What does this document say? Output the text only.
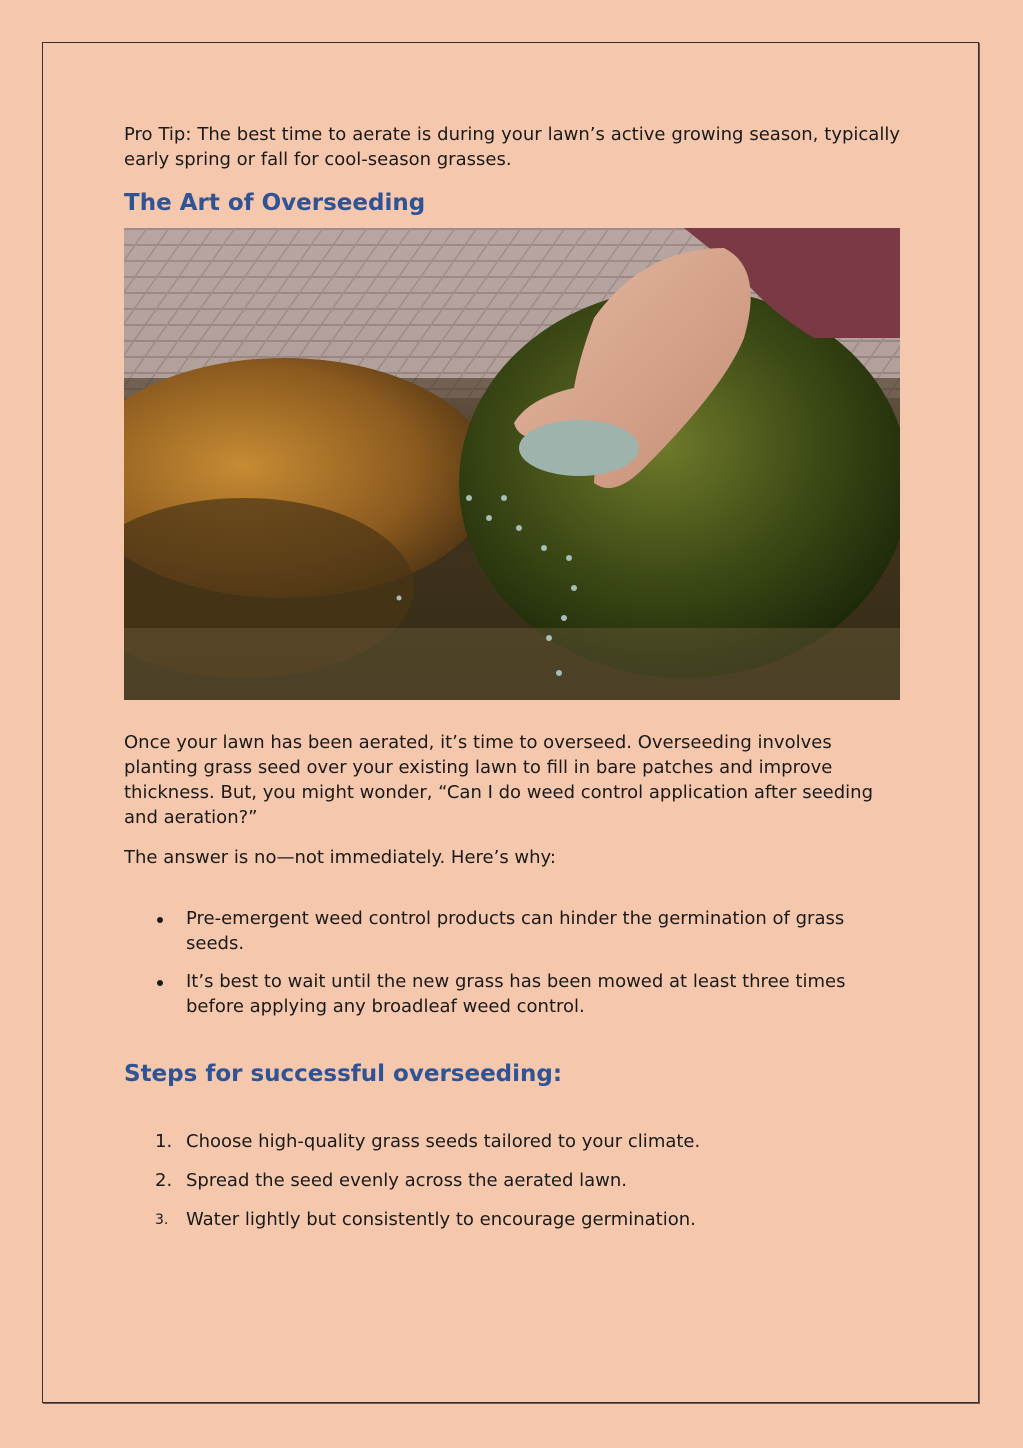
Pro Tip: The best time to aerate is during your lawn’s active growing season, typically early spring or fall for cool-season grasses.

The Art of Overseeding

Once your lawn has been aerated, it’s time to overseed. Overseeding involves planting grass seed over your existing lawn to fill in bare patches and improve thickness. But, you might wonder, “Can I do weed control application after seeding and aeration?”

The answer is no—not immediately. Here’s why:

Pre-emergent weed control products can hinder the germination of grass seeds.
It’s best to wait until the new grass has been mowed at least three times before applying any broadleaf weed control.
Steps for successful overseeding:
1. Choose high-quality grass seeds tailored to your climate.
2. Spread the seed evenly across the aerated lawn.
3. Water lightly but consistently to encourage germination.
